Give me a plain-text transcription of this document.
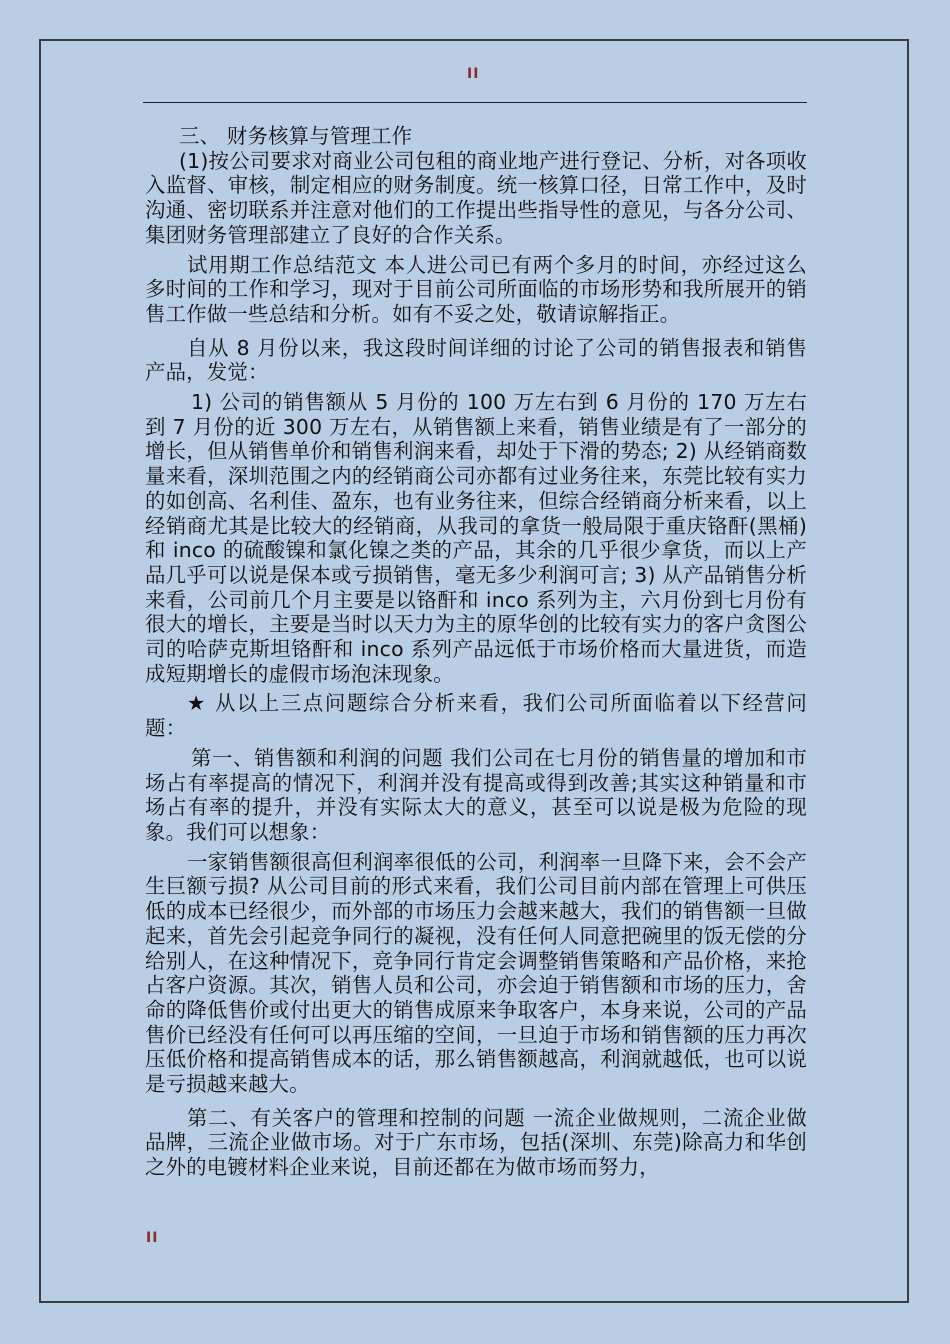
II

三、 财务核算与管理工作

(1)按公司要求对商业公司包租的商业地产进行登记、分析，对各项收入监督、审核，制定相应的财务制度。统一核算口径，日常工作中，及时沟通、密切联系并注意对他们的工作提出些指导性的意见，与各分公司、集团财务管理部建立了良好的合作关系。

试用期工作总结范文 本人进公司已有两个多月的时间，亦经过这么多时间的工作和学习，现对于目前公司所面临的市场形势和我所展开的销售工作做一些总结和分析。如有不妥之处，敬请谅解指正。

自从 8 月份以来，我这段时间详细的讨论了公司的销售报表和销售产品，发觉：

1) 公司的销售额从 5 月份的 100 万左右到 6 月份的 170 万左右到 7 月份的近 300 万左右，从销售额上来看，销售业绩是有了一部分的增长，但从销售单价和销售利润来看，却处于下滑的势态; 2) 从经销商数量来看，深圳范围之内的经销商公司亦都有过业务往来，东莞比较有实力的如创高、名利佳、盈东，也有业务往来，但综合经销商分析来看，以上经销商尤其是比较大的经销商，从我司的拿货一般局限于重庆铬酐(黑桶)和 inco 的硫酸镍和氯化镍之类的产品，其余的几乎很少拿货，而以上产品几乎可以说是保本或亏损销售，毫无多少利润可言; 3) 从产品销售分析来看，公司前几个月主要是以铬酐和 inco 系列为主，六月份到七月份有很大的增长，主要是当时以天力为主的原华创的比较有实力的客户贪图公司的哈萨克斯坦铬酐和 inco 系列产品远低于市场价格而大量进货，而造成短期增长的虚假市场泡沫现象。

★ 从以上三点问题综合分析来看，我们公司所面临着以下经营问题：

第一、销售额和利润的问题 我们公司在七月份的销售量的增加和市场占有率提高的情况下，利润并没有提高或得到改善;其实这种销量和市场占有率的提升，并没有实际太大的意义，甚至可以说是极为危险的现象。我们可以想象：

一家销售额很高但利润率很低的公司，利润率一旦降下来，会不会产生巨额亏损? 从公司目前的形式来看，我们公司目前内部在管理上可供压低的成本已经很少，而外部的市场压力会越来越大，我们的销售额一旦做起来，首先会引起竞争同行的凝视，没有任何人同意把碗里的饭无偿的分给别人，在这种情况下，竞争同行肯定会调整销售策略和产品价格，来抢占客户资源。其次，销售人员和公司，亦会迫于销售额和市场的压力，舍命的降低售价或付出更大的销售成原来争取客户，本身来说，公司的产品售价已经没有任何可以再压缩的空间，一旦迫于市场和销售额的压力再次压低价格和提高销售成本的话，那么销售额越高，利润就越低，也可以说是亏损越来越大。

第二、有关客户的管理和控制的问题 一流企业做规则，二流企业做品牌，三流企业做市场。对于广东市场，包括(深圳、东莞)除高力和华创之外的电镀材料企业来说，目前还都在为做市场而努力，

II
